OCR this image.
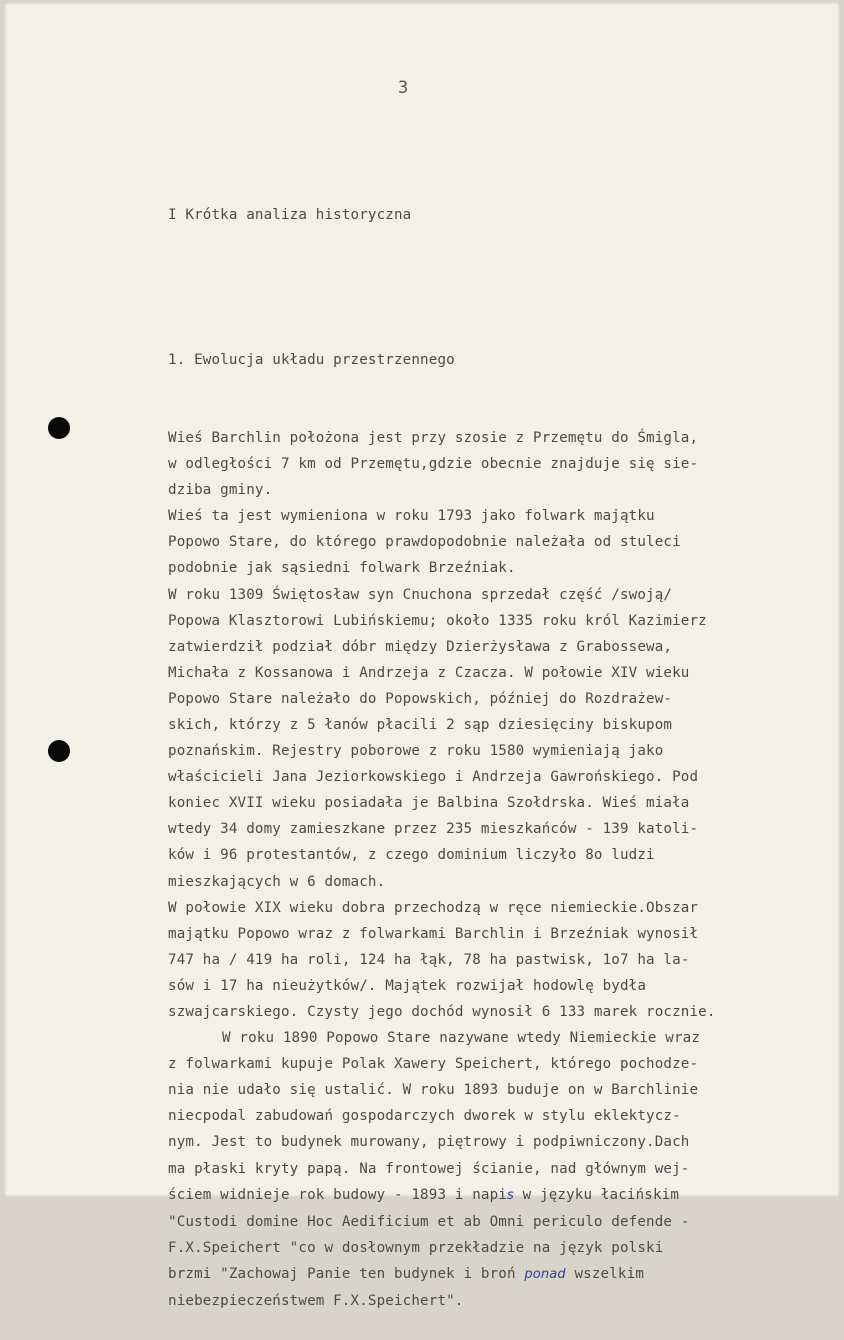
3

I Krótka analiza historyczna

1. Ewolucja układu przestrzennego

Wieś Barchlin położona jest przy szosie z Przemętu do Śmigla,
w odległości 7 km od Przemętu,gdzie obecnie znajduje się sie-
dziba gminy.
Wieś ta jest wymieniona w roku 1793 jako folwark majątku
Popowo Stare, do którego prawdopodobnie należała od stuleci
podobnie jak sąsiedni folwark Brzeźniak.
W roku 1309 Świętosław syn Cnuchona sprzedał część /swoją/
Popowa Klasztorowi Lubińskiemu; około 1335 roku król Kazimierz
zatwierdził podział dóbr między Dzierżysława z Grabossewa,
Michała z Kossanowa i Andrzeja z Czacza. W połowie XIV wieku
Popowo Stare należało do Popowskich, później do Rozdrażew-
skich, którzy z 5 łanów płacili 2 sąp dziesięciny biskupom
poznańskim. Rejestry poborowe z roku 1580 wymieniają jako
właścicieli Jana Jeziorkowskiego i Andrzeja Gawrońskiego. Pod
koniec XVII wieku posiadała je Balbina Szołdrska. Wieś miała
wtedy 34 domy zamieszkane przez 235 mieszkańców - 139 katoli-
ków i 96 protestantów, z czego dominium liczyło 8o ludzi
mieszkających w 6 domach.
W połowie XIX wieku dobra przechodzą w ręce niemieckie.Obszar
majątku Popowo wraz z folwarkami Barchlin i Brzeźniak wynosił
747 ha / 419 ha roli, 124 ha łąk, 78 ha pastwisk, 1o7 ha la-
sów i 17 ha nieużytków/. Majątek rozwijał hodowlę bydła
szwajcarskiego. Czysty jego dochód wynosił 6 133 marek rocznie.
W roku 1890 Popowo Stare nazywane wtedy Niemieckie wraz
z folwarkami kupuje Polak Xawery Speichert, którego pochodze-
nia nie udało się ustalić. W roku 1893 buduje on w Barchlinie
niecpodal zabudowań gospodarczych dworek w stylu eklektycz-
nym. Jest to budynek murowany, piętrowy i podpiwniczony.Dach
ma płaski kryty papą. Na frontowej ścianie, nad głównym wej-
ściem widnieje rok budowy - 1893 i napis w języku łacińskim
"Custodi domine Hoc Aedificium et ab Omni periculo defende -
F.X.Speichert "co w dosłownym przekładzie na język polski
brzmi "Zachowaj Panie ten budynek i broń ponad wszelkim
niebezpieczeństwem F.X.Speichert".
